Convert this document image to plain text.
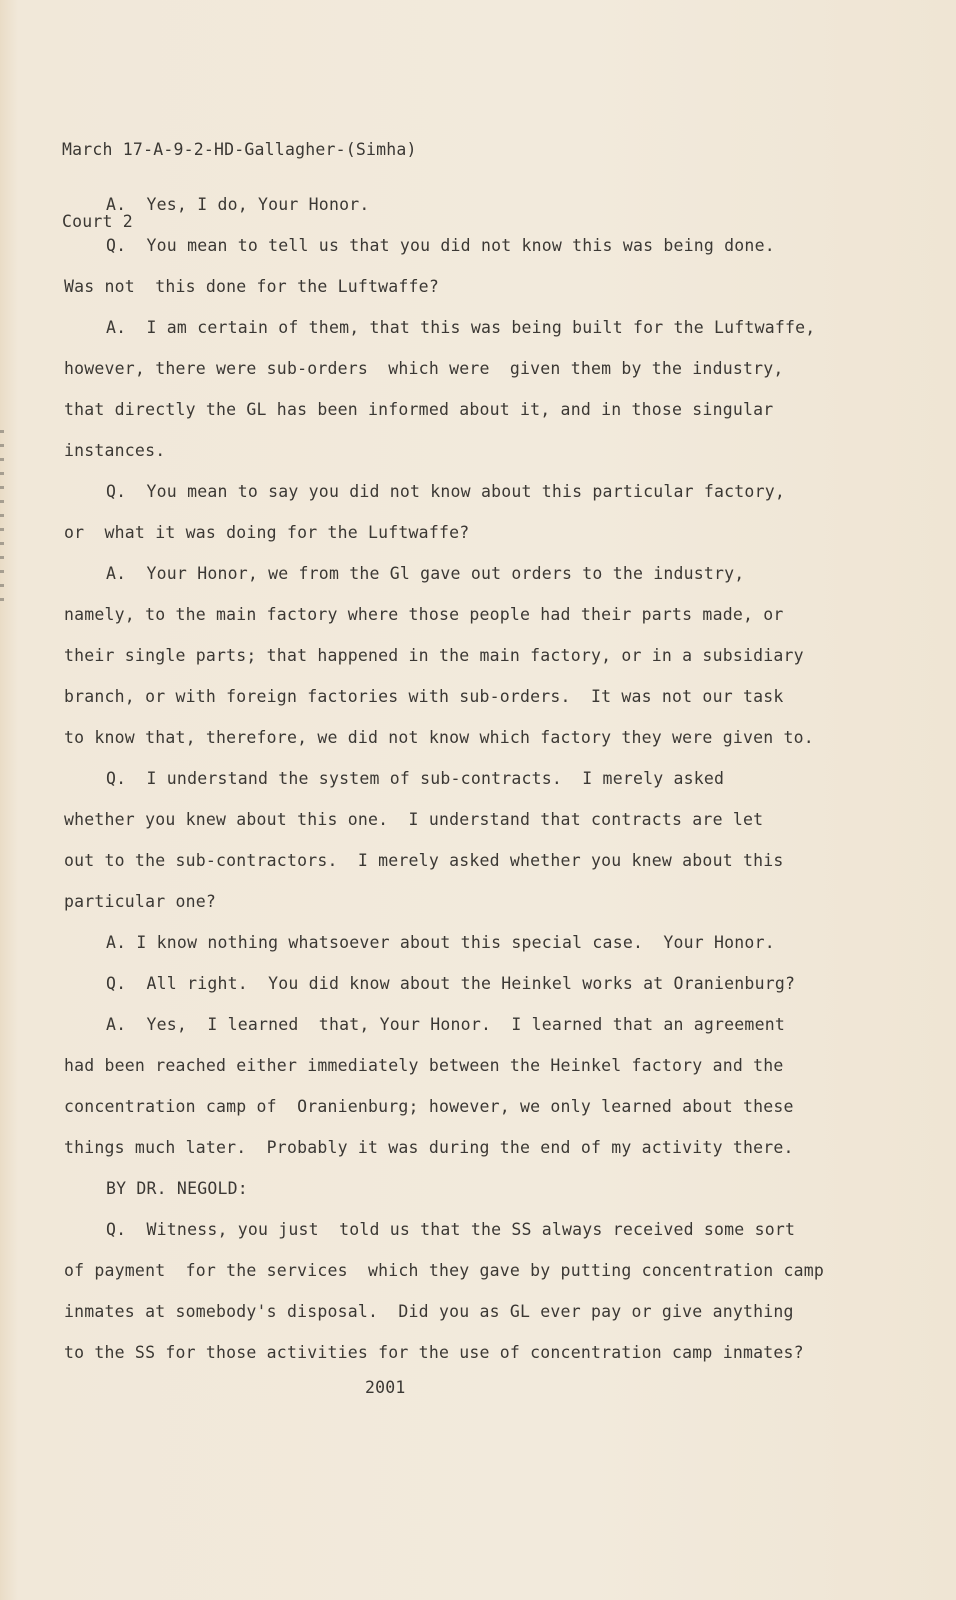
March 17-A-9-2-HD-Gallagher-(Simha)

Court 2

A.  Yes, I do, Your Honor.
Q.  You mean to tell us that you did not know this was being done.
Was not  this done for the Luftwaffe?
A.  I am certain of them, that this was being built for the Luftwaffe,
however, there were sub-orders  which were  given them by the industry,
that directly the GL has been informed about it, and in those singular
instances.
Q.  You mean to say you did not know about this particular factory,
or  what it was doing for the Luftwaffe?
A.  Your Honor, we from the Gl gave out orders to the industry,
namely, to the main factory where those people had their parts made, or
their single parts; that happened in the main factory, or in a subsidiary
branch, or with foreign factories with sub-orders.  It was not our task
to know that, therefore, we did not know which factory they were given to.
Q.  I understand the system of sub-contracts.  I merely asked
whether you knew about this one.  I understand that contracts are let
out to the sub-contractors.  I merely asked whether you knew about this
particular one?
A. I know nothing whatsoever about this special case.  Your Honor.
Q.  All right.  You did know about the Heinkel works at Oranienburg?
A.  Yes,  I learned  that, Your Honor.  I learned that an agreement
had been reached either immediately between the Heinkel factory and the
concentration camp of  Oranienburg; however, we only learned about these
things much later.  Probably it was during the end of my activity there.
BY DR. NEGOLD:
Q.  Witness, you just  told us that the SS always received some sort
of payment  for the services  which they gave by putting concentration camp
inmates at somebody's disposal.  Did you as GL ever pay or give anything
to the SS for those activities for the use of concentration camp inmates?
2001
